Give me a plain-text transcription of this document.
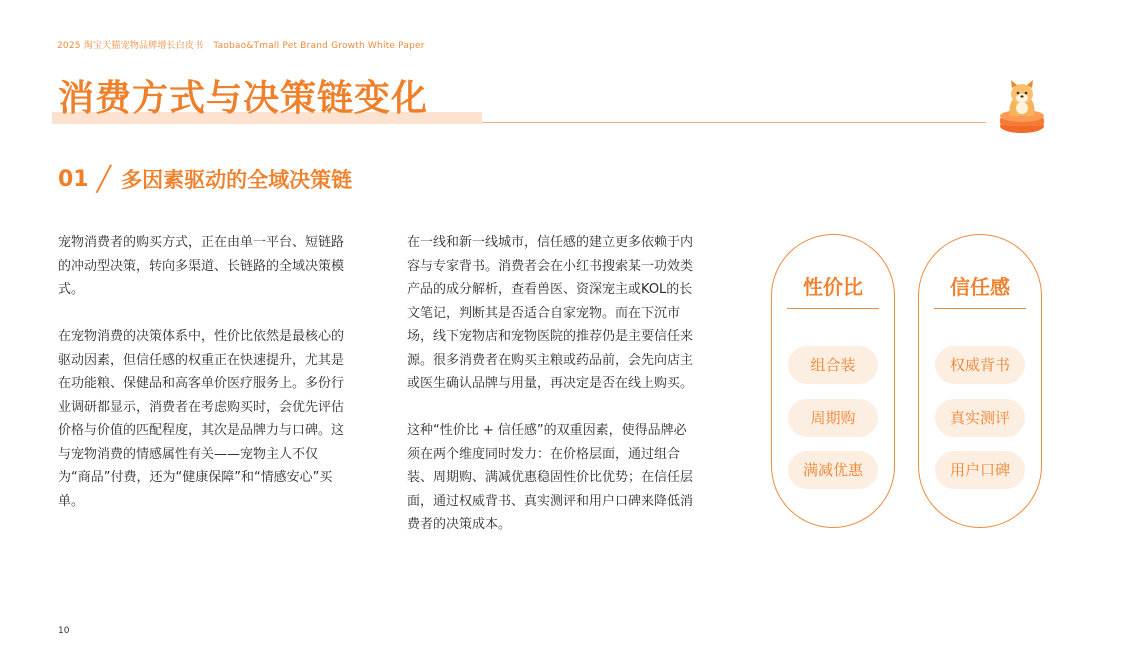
2025 淘宝天猫宠物品牌增长白皮书 Taobao&Tmall Pet Brand Growth White Paper
消费方式与决策链变化
01 ╱ 多因素驱动的全域决策链

宠物消费者的购买方式，正在由单一平台、短链路的冲动型决策，转向多渠道、长链路的全域决策模式。

在宠物消费的决策体系中，性价比依然是最核心的驱动因素，但信任感的权重正在快速提升，尤其是在功能粮、保健品和高客单价医疗服务上。多份行业调研都显示，消费者在考虑购买时，会优先评估价格与价值的匹配程度，其次是品牌力与口碑。这与宠物消费的情感属性有关——宠物主人不仅为“商品”付费，还为“健康保障”和“情感安心”买单。

在一线和新一线城市，信任感的建立更多依赖于内容与专家背书。消费者会在小红书搜索某一功效类产品的成分解析，查看兽医、资深宠主或KOL的长文笔记，判断其是否适合自家宠物。而在下沉市场，线下宠物店和宠物医院的推荐仍是主要信任来源。很多消费者在购买主粮或药品前，会先向店主或医生确认品牌与用量，再决定是否在线上购买。

这种“性价比 + 信任感”的双重因素，使得品牌必须在两个维度同时发力：在价格层面，通过组合装、周期购、满减优惠稳固性价比优势；在信任层面，通过权威背书、真实测评和用户口碑来降低消费者的决策成本。

性价比
组合装
周期购
满减优惠
信任感
权威背书
真实测评
用户口碑
10
